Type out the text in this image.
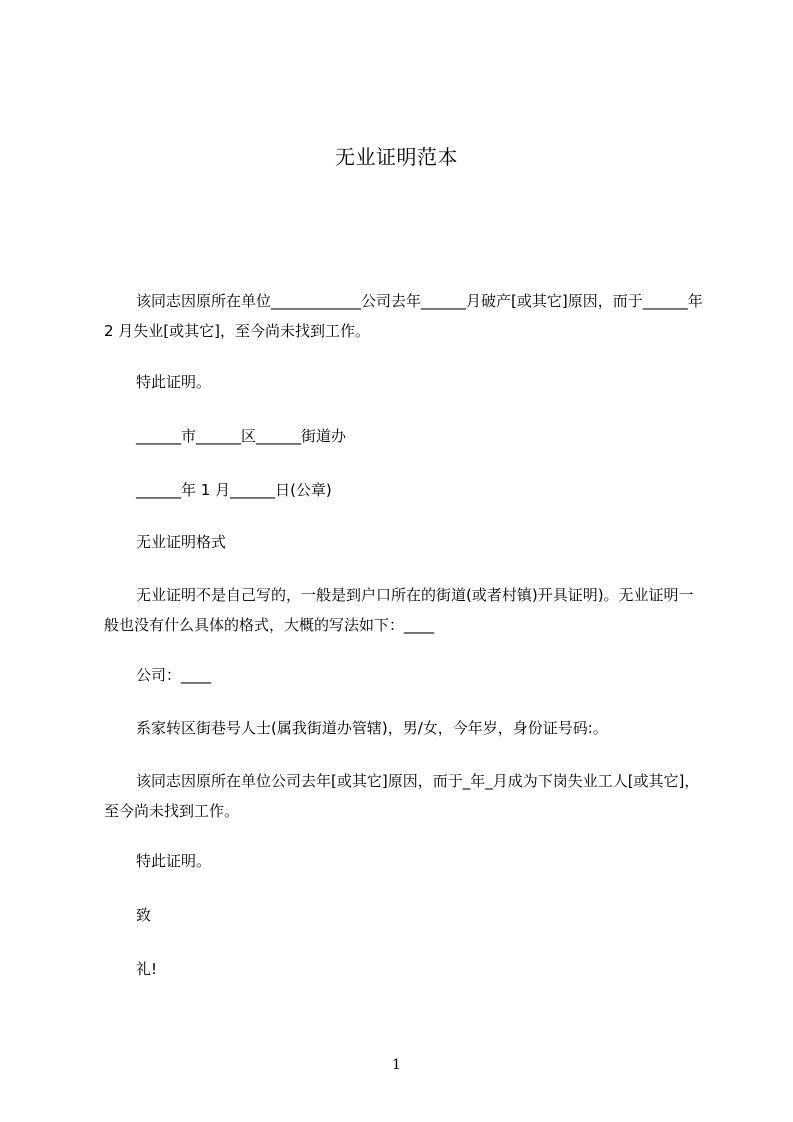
无业证明范本
该同志因原所在单位____________公司去年______月破产[或其它]原因，而于______年 2 月失业[或其它]，至今尚未找到工作。
特此证明。
______市______区______街道办
______年 1 月______日(公章)
无业证明格式
无业证明不是自己写的，一般是到户口所在的街道(或者村镇)开具证明)。无业证明一般也没有什么具体的格式，大概的写法如下：____
公司：____
系家转区街巷号人士(属我街道办管辖)，男/女，今年岁，身份证号码:。
该同志因原所在单位公司去年[或其它]原因，而于_年_月成为下岗失业工人[或其它]，至今尚未找到工作。
特此证明。
致
礼!
1
